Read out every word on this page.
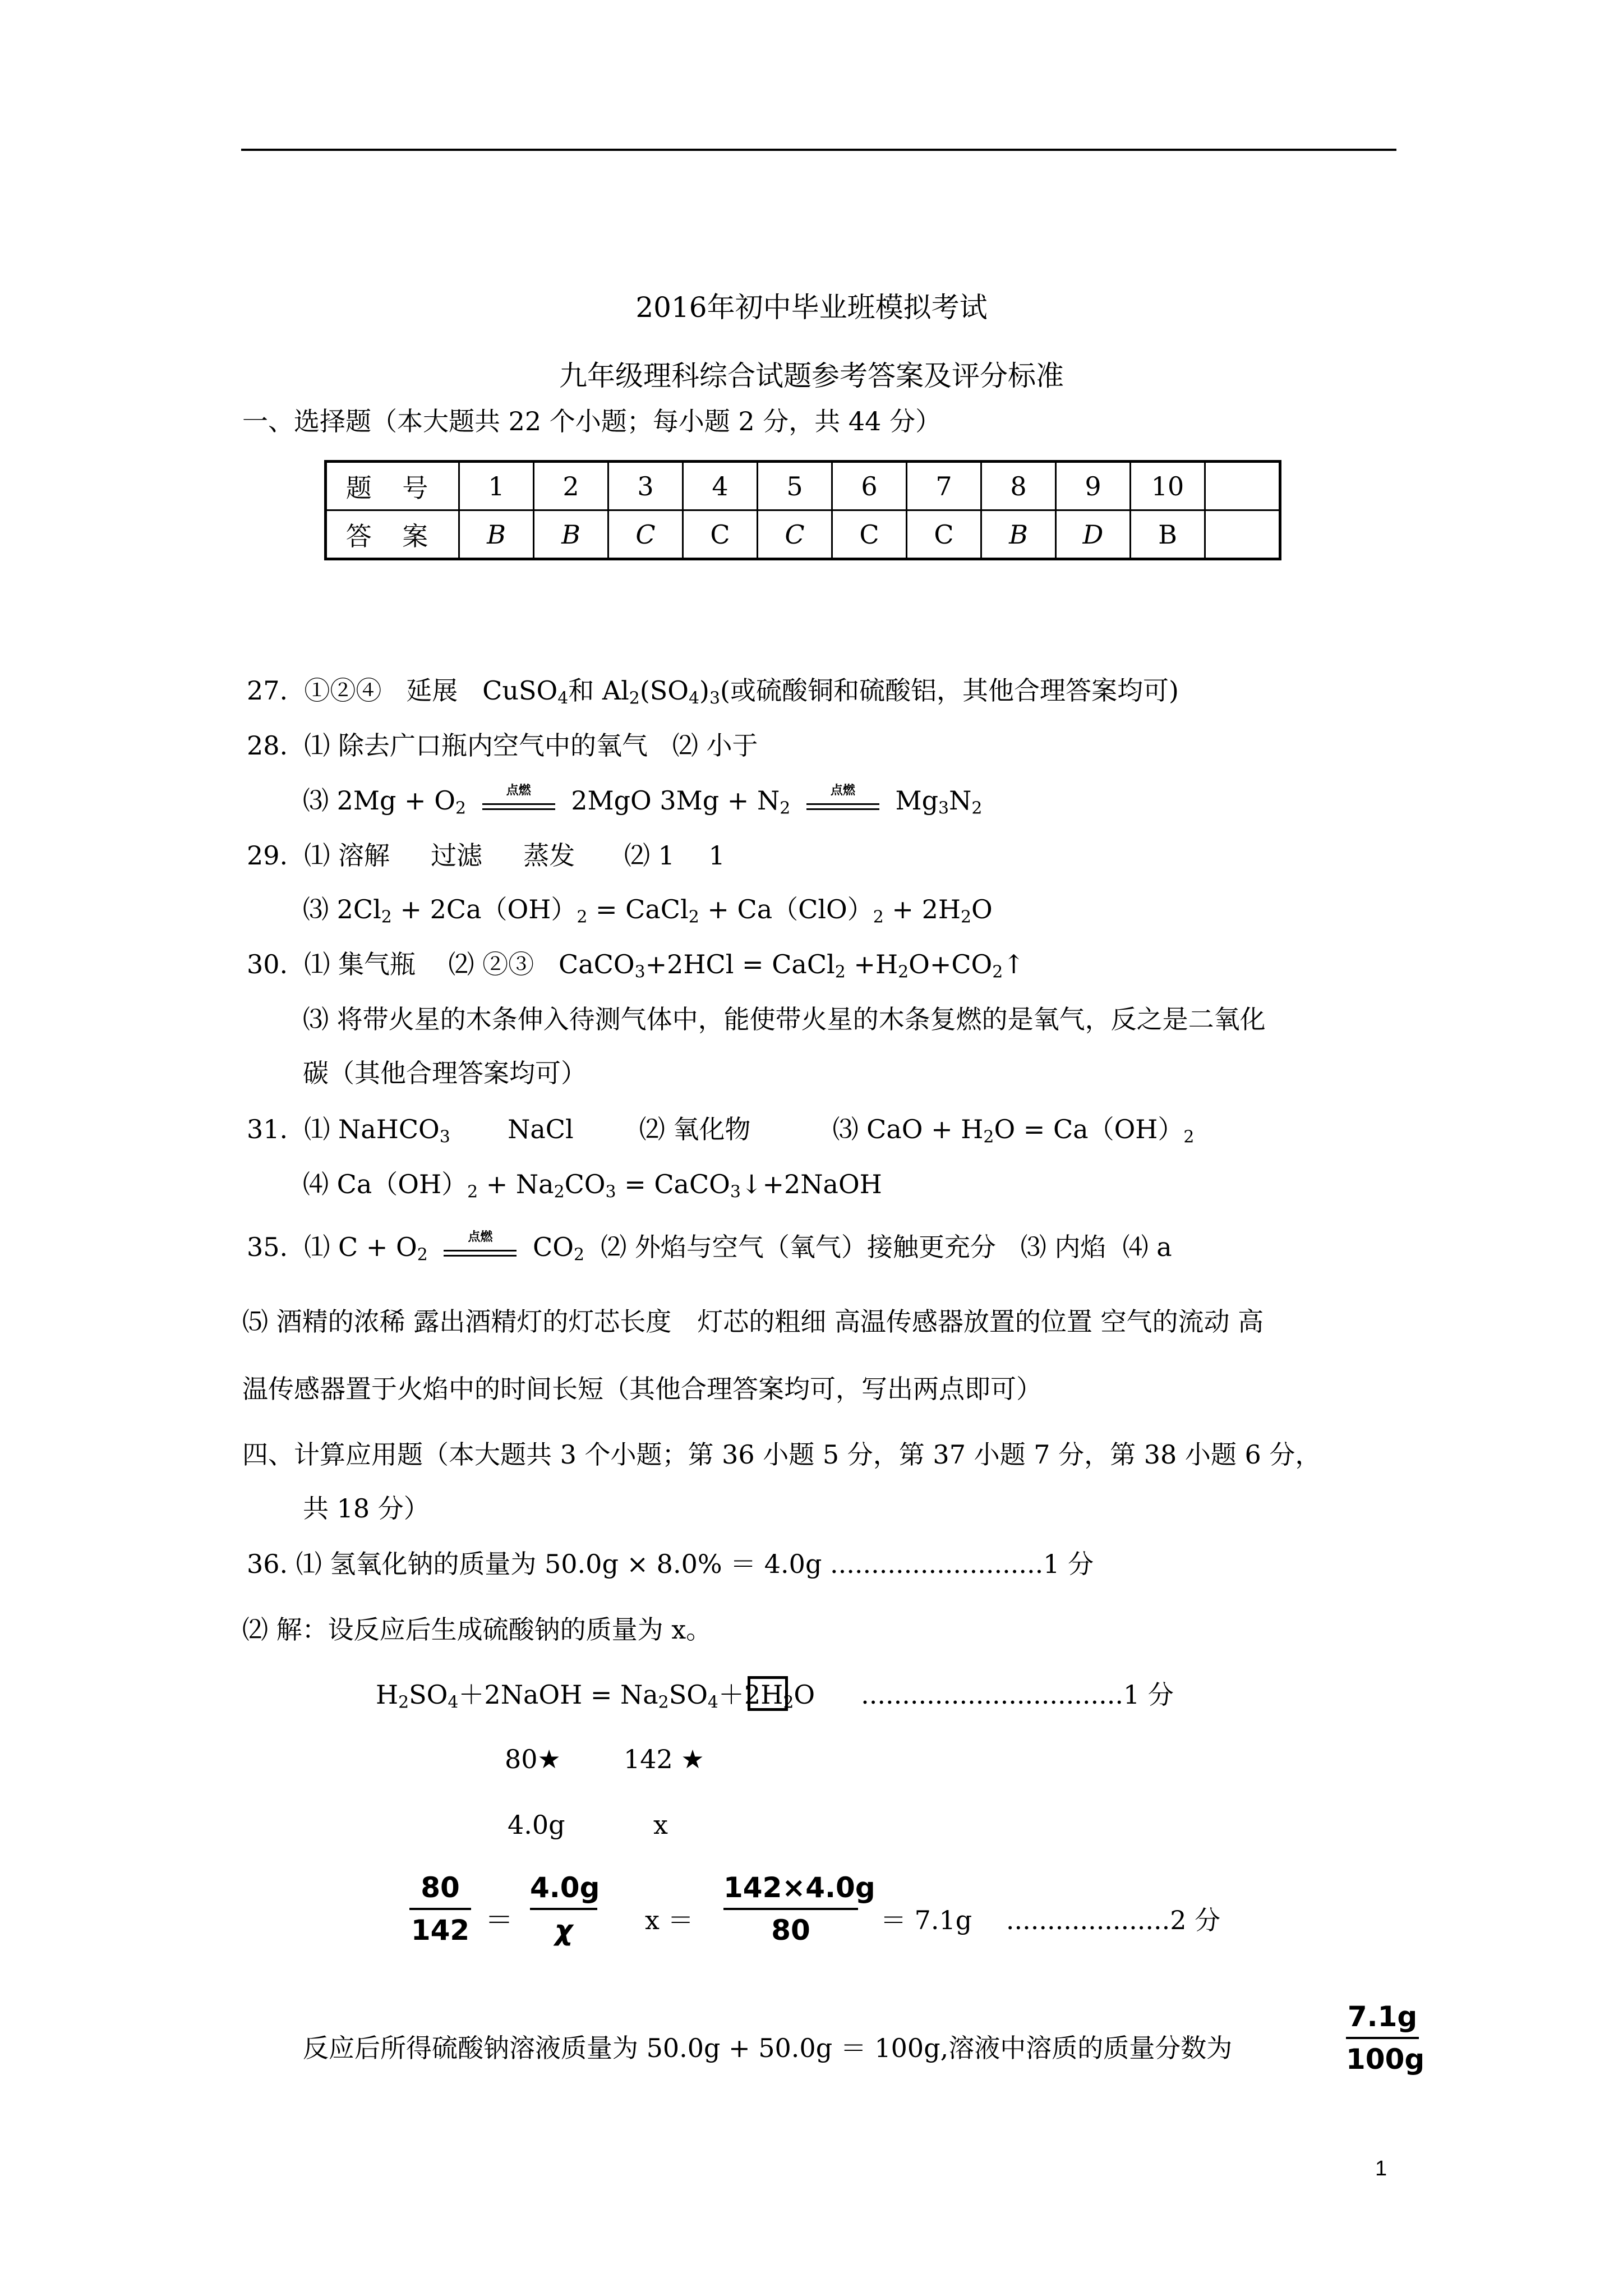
2016年初中毕业班模拟考试
九年级理科综合试题参考答案及评分标准
一、选择题（本大题共 22 个小题；每小题 2 分，共 44 分）
题 号	1	2	3	4	5	6	7	8	9	10	
答 案	B	B	C	C	C	C	C	B	D	B	
27. ①②④ 延展 CuSO$_4$和 $Al_2(SO_4)_3$(或硫酸铜和硫酸铝，其他合理答案均可)
28. ⑴ 除去广口瓶内空气中的氧气 ⑵ 小于
⑶ $2Mg + O_2$
点燃	2MgO $3Mg + N_2$
点燃	$Mg_3N_2$
29. ⑴ 溶解 过滤 蒸发 ⑵ 1　 1
⑶ $2Cl_2 + 2Ca(OH)_2$ = CaCl$_2$ + $Ca(ClO)_2 + 2H_2O$
30. ⑴ 集气瓶 ⑵ ②③ CaCO$_3$+2HCl = CaCl$_2$ $+H_2O+CO_2↑$
⑶ 将带火星的木条伸入待测气体中，能使带火星的木条复燃的是氧气，反之是二氧化
碳（其他合理答案均可）
31. ⑴ NaHCO$_3$ NaCl	⑵ 氧化物	⑶ CaO + $H_2O = Ca(OH)_2$
⑷ $Ca(OH)_2 + Na_2CO_3$ = CaCO$_3$↓+2NaOH
35. ⑴ $C + O_2$
点燃	$CO_2$ ⑵ 外焰与空气（氧气）接触更充分 ⑶ 内焰 ⑷ a
⑸ 酒精的浓稀 露出酒精灯的灯芯长度　灯芯的粗细 高温传感器放置的位置 空气的流动 高
温传感器置于火焰中的时间长短（其他合理答案均可，写出两点即可）
四、计算应用题（本大题共 3 个小题；第 36 小题 5 分，第 37 小题 7 分，第 38 小题 6 分，
共 18 分）
36. ⑴ 氢氧化钠的质量为 50.0g × 8.0% ＝ 4.0g ..........................1 分
⑵ 解：设反应后生成硫酸钠的质量为 x。
$H_2SO_4+2NaOH = Na_2SO_4+2H_2O$ ................................1 分
80★ 142 ★
4.0g	x
80
142 ＝
4.0g
χ	x ＝
142×4.0g
80	＝ 7.1g　 ....................2 分
反应后所得硫酸钠溶液质量为 50.0g + 50.0g ＝ 100g,溶液中溶质的质量分数为
7.1g
100g
1
